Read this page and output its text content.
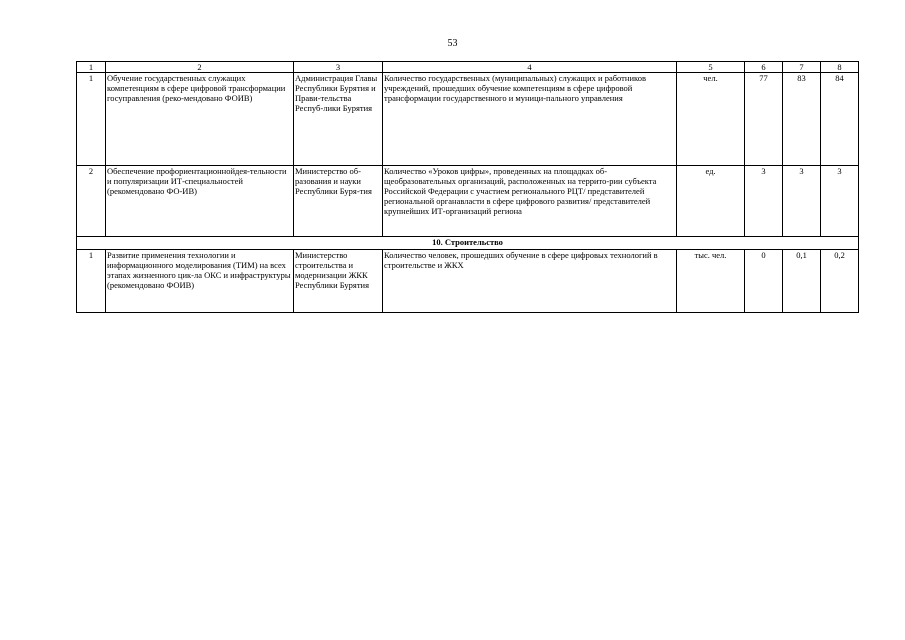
53
1	2	3	4	5	6	7	8
1	Обучение государственных служащих компетенциям в сфере цифровой трансформации госуправления (реко-мендовано ФОИВ)	Администрация Главы Республики Бурятия и Прави-тельства Респуб-лики Бурятия	Количество государственных (муниципальных) служащих и работников учреждений, прошедших обучение компетенциям в сфере цифровой трансформации государственного и муници-пального управления	чел.	77	83	84
2	Обеспечение профориентационнойдея-тельности и популяризации ИТ-специальностей (рекомендовано ФО-ИВ)	Министерство об-разования и науки Республики Буря-тия	Количество «Уроков цифры», проведенных на площадках об-щеобразовательных организаций, расположенных на террито-рии субъекта Российской Федерации с участием регионального РЦТ/ представителей региональной органавласти в сфере цифрового развития/ представителей крупнейших ИТ-организаций региона	ед.	3	3	3
10. Строительство							
1	Развитие применения технологии и информационного моделирования (ТИМ) на всех этапах жизненного цик-ла ОКС и инфраструктуры (рекомендовано ФОИВ)	Министерство строительства и модернизации ЖКК Республики Бурятия	Количество человек, прошедших обучение в сфере цифровых технологий в строительстве и ЖКХ	тыс. чел.	0	0,1	0,2
